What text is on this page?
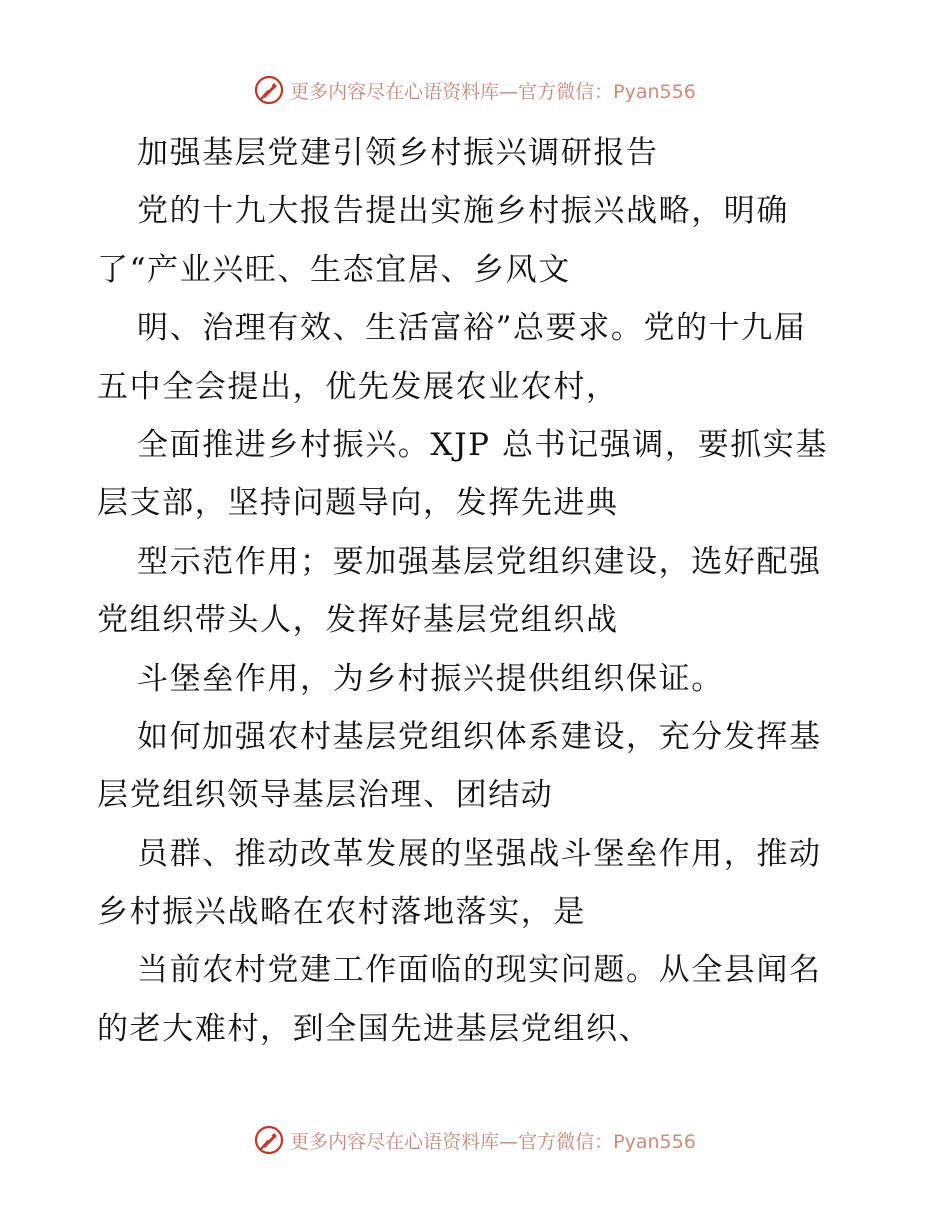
更多内容尽在心语资料库—官方微信：Pyan556
加强基层党建引领乡村振兴调研报告
党的十九大报告提出实施乡村振兴战略，明确
了“产业兴旺、生态宜居、乡风文
明、治理有效、生活富裕”总要求。党的十九届
五中全会提出，优先发展农业农村，
全面推进乡村振兴。XJP 总书记强调，要抓实基
层支部，坚持问题导向，发挥先进典
型示范作用；要加强基层党组织建设，选好配强
党组织带头人，发挥好基层党组织战
斗堡垒作用，为乡村振兴提供组织保证。
如何加强农村基层党组织体系建设，充分发挥基
层党组织领导基层治理、团结动
员群、推动改革发展的坚强战斗堡垒作用，推动
乡村振兴战略在农村落地落实，是
当前农村党建工作面临的现实问题。从全县闻名
的老大难村，到全国先进基层党组织、
更多内容尽在心语资料库—官方微信：Pyan556
